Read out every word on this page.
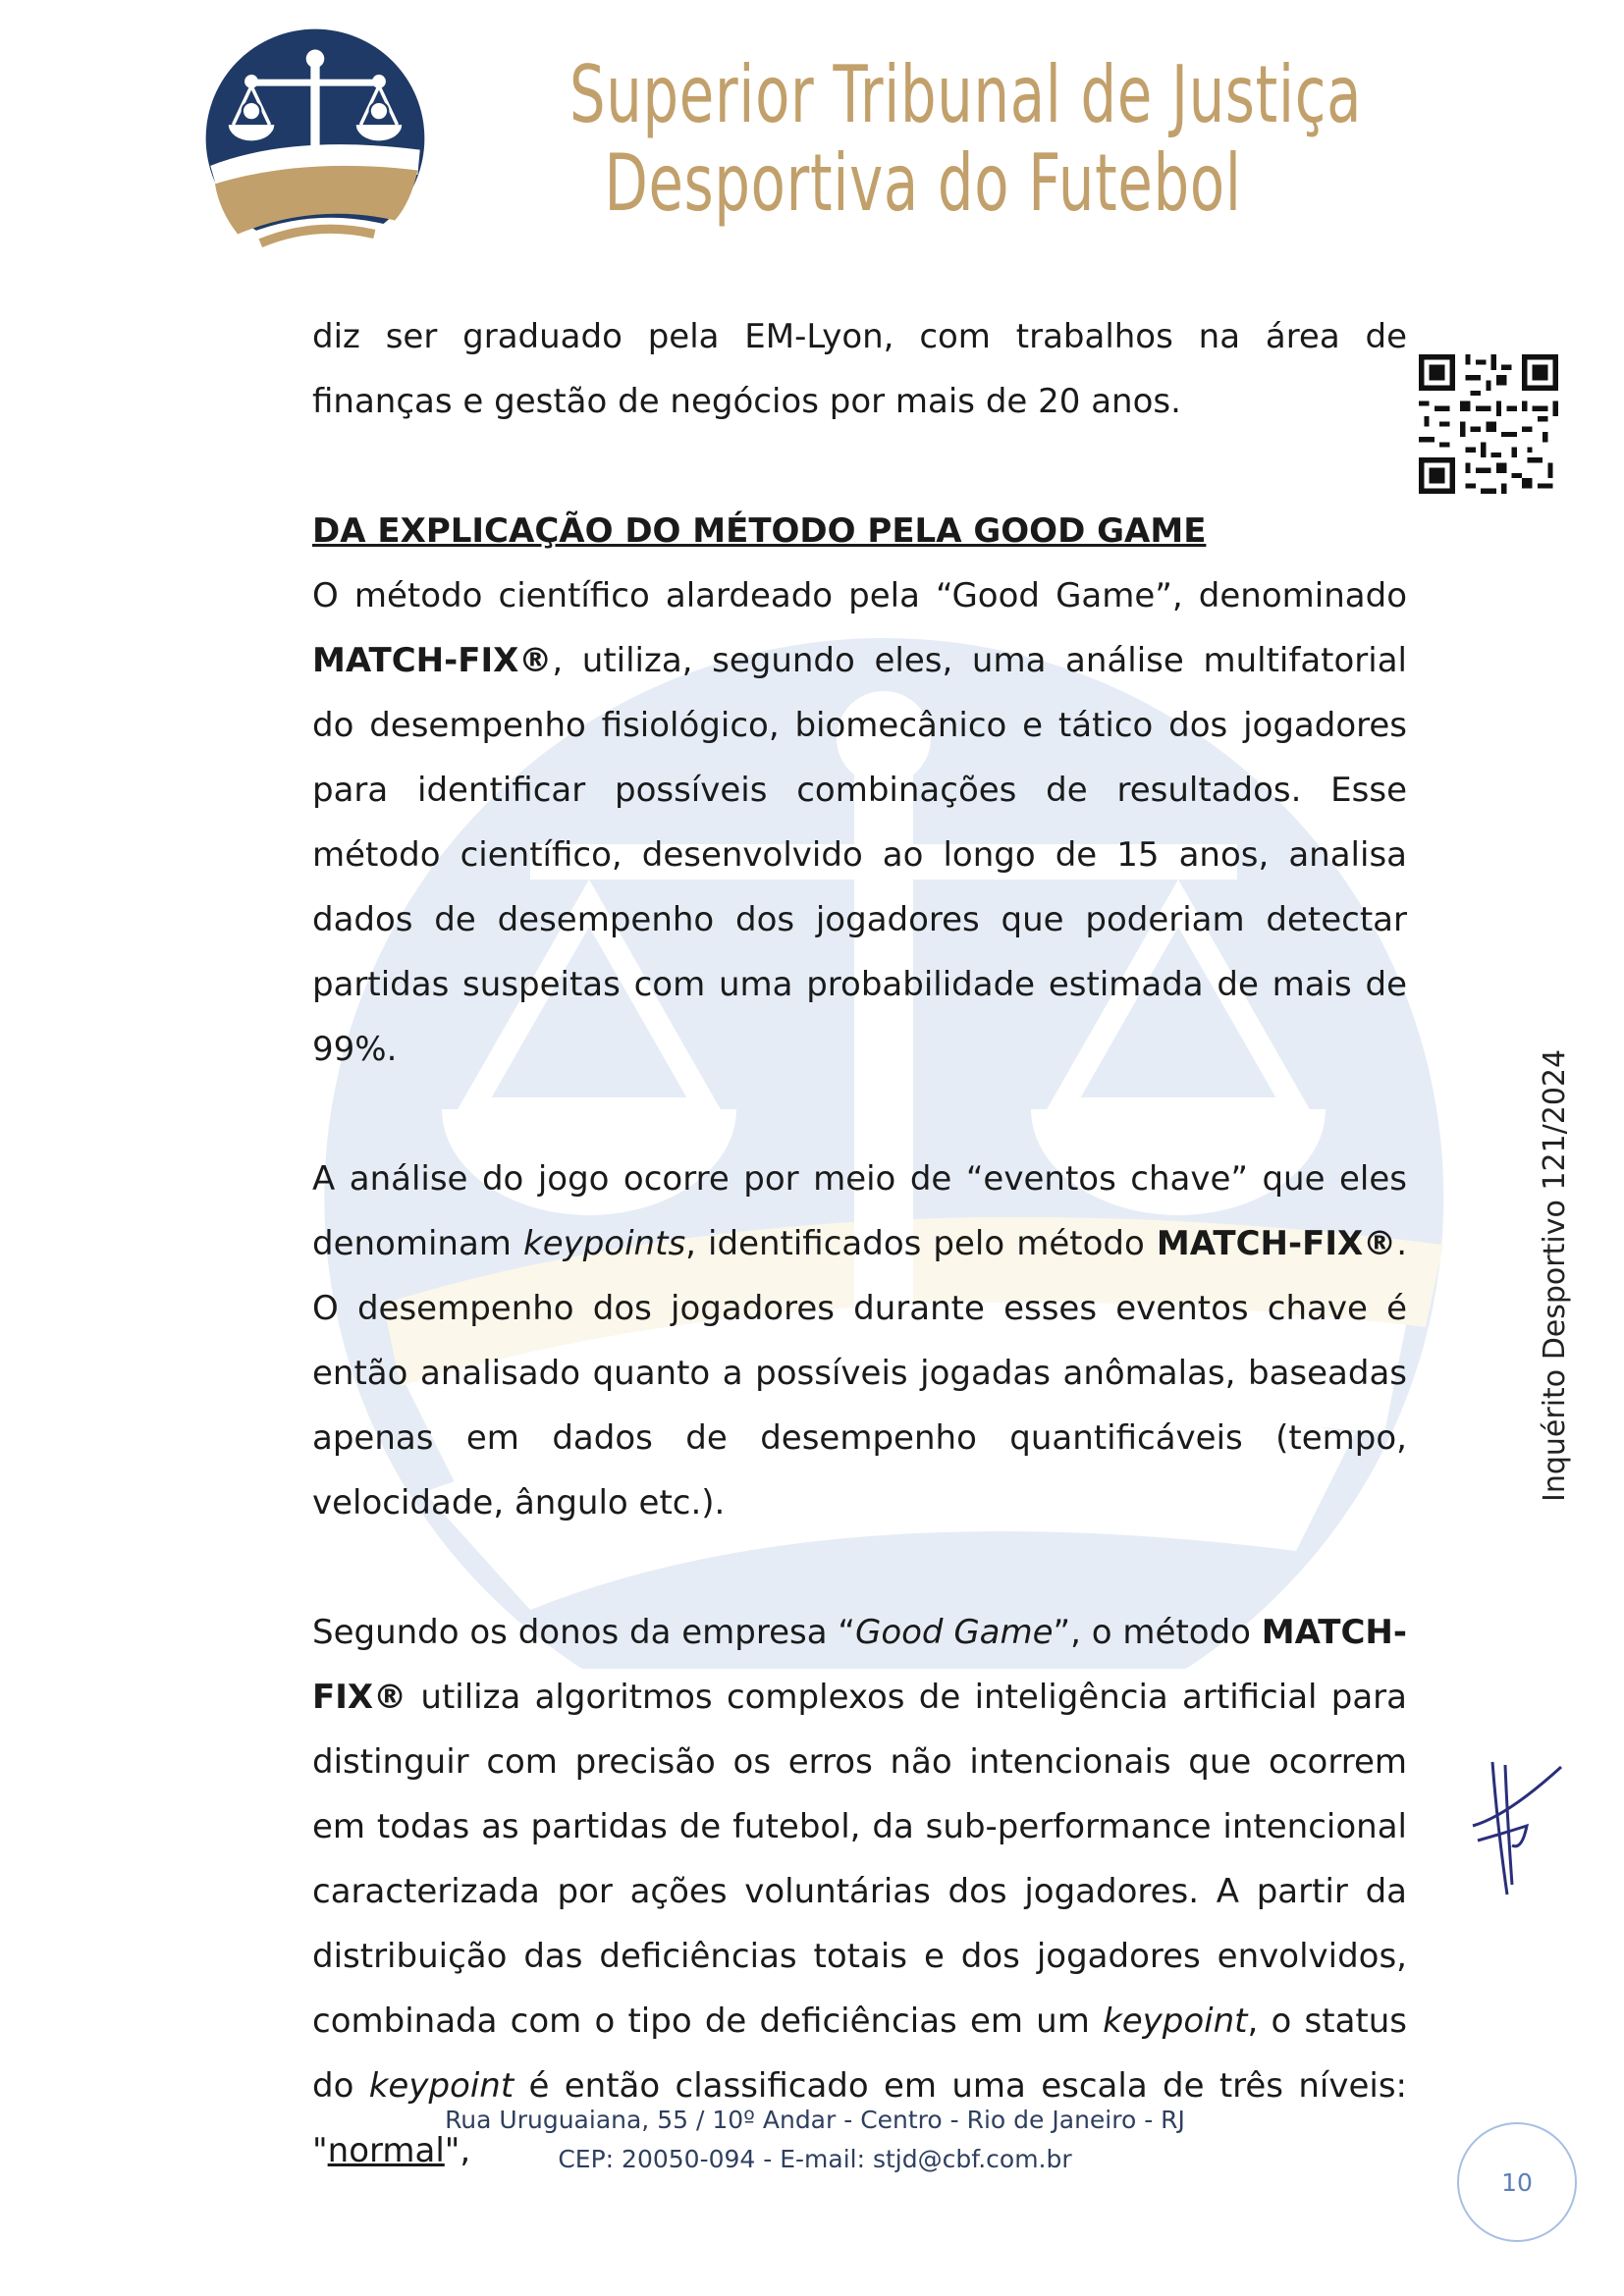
Superior Tribunal de Justiça
Desportiva do Futebol
Inquérito Desportivo 121/2024

diz ser graduado pela EM-Lyon, com trabalhos na área de finanças e gestão de negócios por mais de 20 anos.

DA EXPLICAÇÃO DO MÉTODO PELA GOOD GAME

O método científico alardeado pela “Good Game”, denominado MATCH-FIX®, utiliza, segundo eles, uma análise multifatorial do desempenho fisiológico, biomecânico e tático dos jogadores para identificar possíveis combinações de resultados. Esse método científico, desenvolvido ao longo de 15 anos, analisa dados de desempenho dos jogadores que poderiam detectar partidas suspeitas com uma probabilidade estimada de mais de 99%.

A análise do jogo ocorre por meio de “eventos chave” que eles denominam keypoints, identificados pelo método MATCH-FIX®. O desempenho dos jogadores durante esses eventos chave é então analisado quanto a possíveis jogadas anômalas, baseadas apenas em dados de desempenho quantificáveis (tempo, velocidade, ângulo etc.).

Segundo os donos da empresa “Good Game”, o método MATCH-FIX® utiliza algoritmos complexos de inteligência artificial para distinguir com precisão os erros não intencionais que ocorrem em todas as partidas de futebol, da sub-performance intencional caracterizada por ações voluntárias dos jogadores. A partir da distribuição das deficiências totais e dos jogadores envolvidos, combinada com o tipo de deficiências em um keypoint, o status do keypoint é então classificado em uma escala de três níveis: "normal",

Rua Uruguaiana, 55 / 10º Andar - Centro - Rio de Janeiro - RJ
CEP: 20050-094 - E-mail: stjd@cbf.com.br
10
